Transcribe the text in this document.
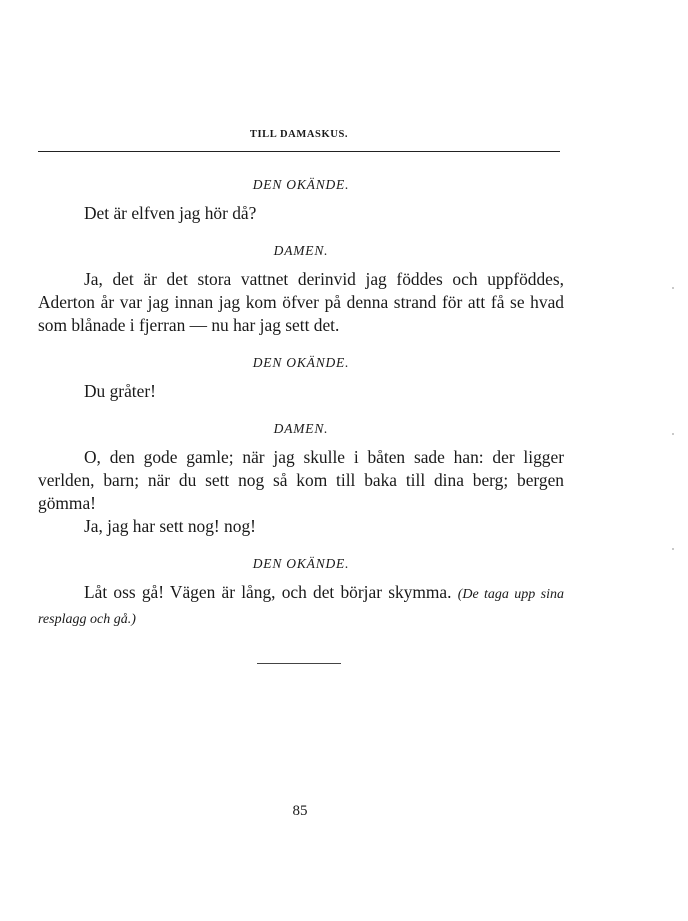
TILL DAMASKUS.
DEN OKÄNDE.

Det är elfven jag hör då?

DAMEN.

Ja, det är det stora vattnet derinvid jag föddes och uppföddes, Aderton år var jag innan jag kom öfver på denna strand för att få se hvad som blånade i fjerran — nu har jag sett det.

DEN OKÄNDE.

Du gråter!

DAMEN.

O, den gode gamle; när jag skulle i båten sade han: der ligger verlden, barn; när du sett nog så kom till baka till dina berg; bergen gömma!

Ja, jag har sett nog! nog!

DEN OKÄNDE.

Låt oss gå! Vägen är lång, och det börjar skymma. (De taga upp sina resplagg och gå.)

85
